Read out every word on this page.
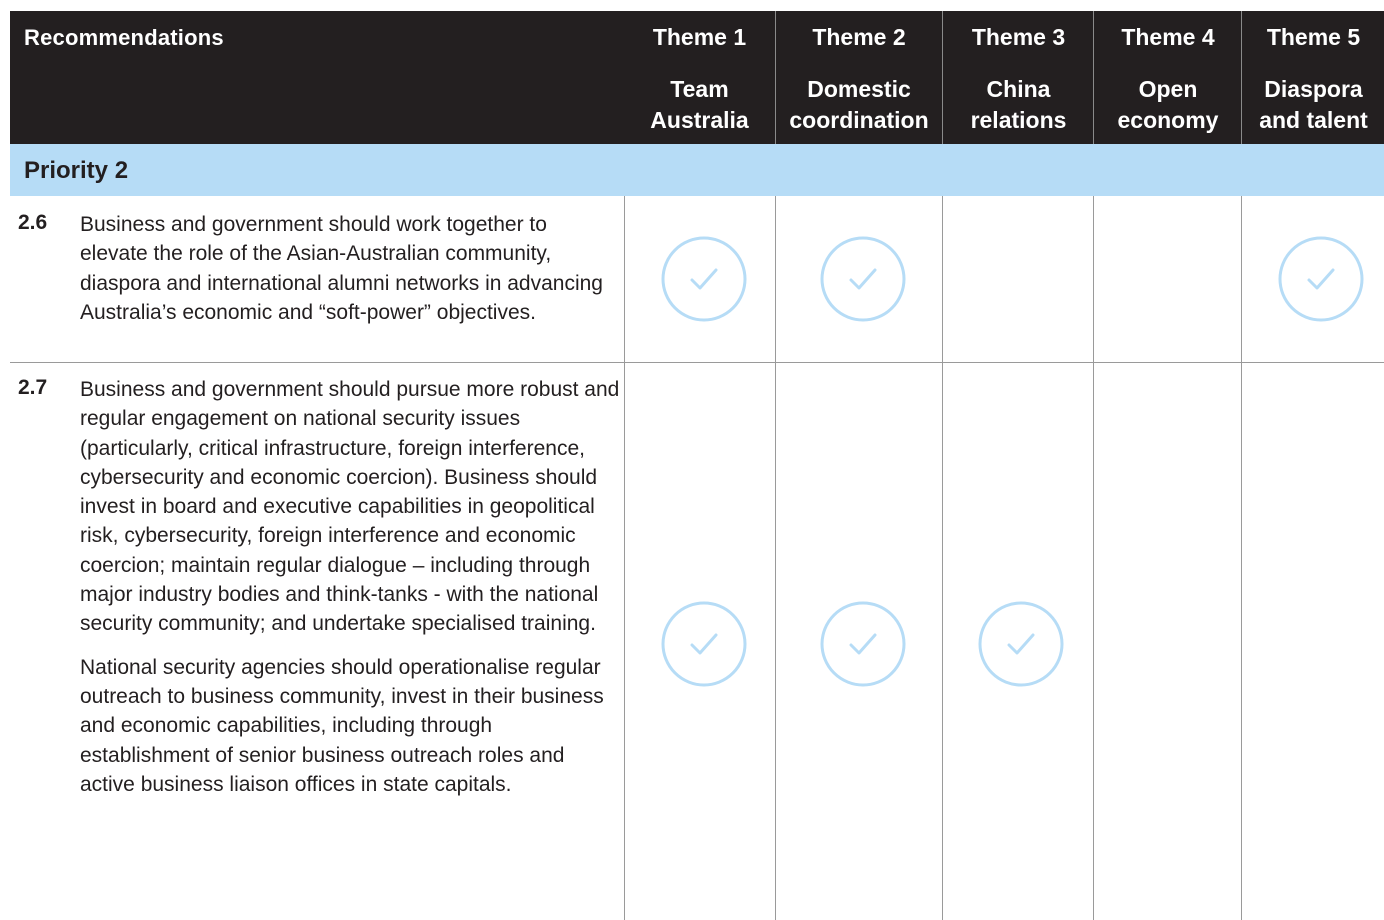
Recommendations	Theme 1
Team
Australia
Theme 2
Domestic
coordination
Theme 3
China
relations
Theme 4
Open
economy
Theme 5
Diaspora
and talent
Priority 2
2.6 Business and government should work together to elevate the role of the Asian-Australian community, diaspora and international alumni networks in advancing Australia’s economic and “soft-power” objectives.

2.7 Business and government should pursue more robust and regular engagement on national security issues (particularly, critical infrastructure, foreign interference, cybersecurity and economic coercion). Business should invest in board and executive capabilities in geopolitical risk, cybersecurity, foreign interference and economic coercion; maintain regular dialogue – including through major industry bodies and think-tanks - with the national security community; and undertake specialised training.

National security agencies should operationalise regular outreach to business community, invest in their business and economic capabilities, including through establishment of senior business outreach roles and active business liaison offices in state capitals.
